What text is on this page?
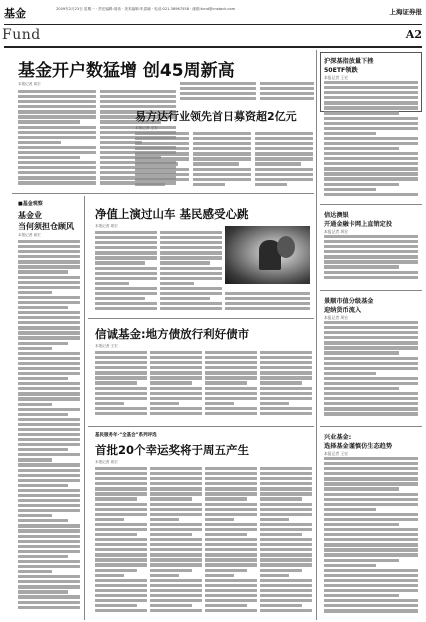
基金	2009年2月23日 星期一 · 责任编辑:周伟 · 美术编辑:朱春晓 · 电话:021-38967558 · 邮箱:fund@cnstock.com	上海证券报
Fund	A2
基金开户数猛增 创45周新高
本报记者 周宏
易方达行业领先首日募资超2亿元
本报记者 王宏
■基金观察
基金业
当何须担仓顾风
本报记者 周宏
净值上演过山车 基民感受心跳
本报记者 周宏
信诚基金:地方债放行利好债市
本报记者 王宏
基民服务年·“全基会”系列评选
首批20个幸运奖将于周五产生
本报记者 周宏
沪深基指放量下挫
50ETF领跌
本报记者 王宏
信达澳银
开通金融卡网上直销定投
本报记者 周宏
景顺市值分级基金
迎纳货币流入
本报记者 周宏
兴业基金:
选择基金谨慎仿生态趋势
本报记者 王宏
